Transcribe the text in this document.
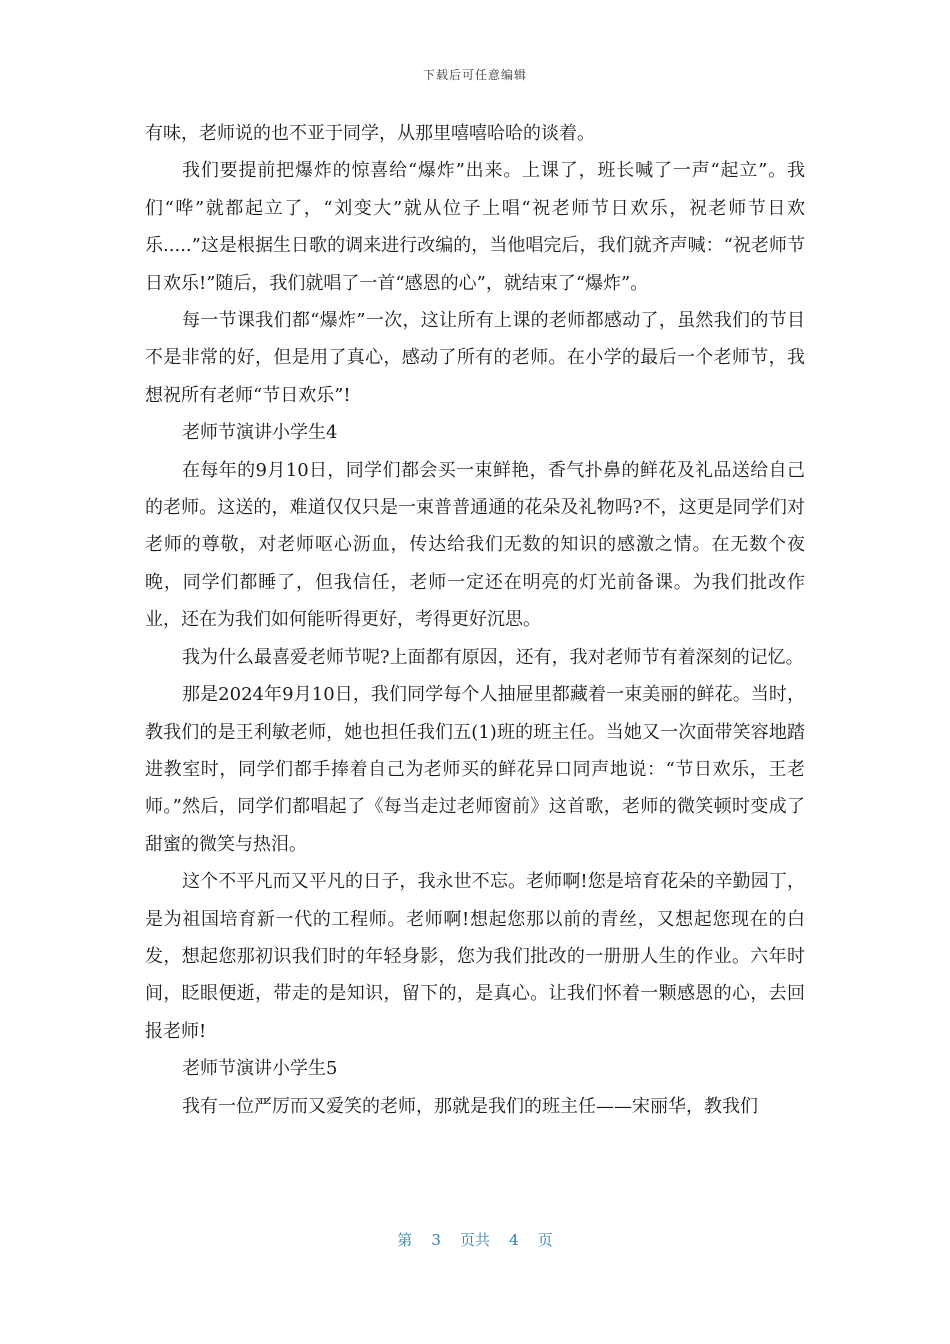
下载后可任意编辑

有味，老师说的也不亚于同学，从那里嘻嘻哈哈的谈着。

我们要提前把爆炸的惊喜给“爆炸”出来。上课了，班长喊了一声“起立”。我们“哗”就都起立了，“刘变大”就从位子上唱“祝老师节日欢乐，祝老师节日欢乐.....”这是根据生日歌的调来进行改编的，当他唱完后，我们就齐声喊：“祝老师节日欢乐!”随后，我们就唱了一首“感恩的心”，就结束了“爆炸”。

每一节课我们都“爆炸”一次，这让所有上课的老师都感动了，虽然我们的节目不是非常的好，但是用了真心，感动了所有的老师。在小学的最后一个老师节，我想祝所有老师“节日欢乐”!

老师节演讲小学生4

在每年的9月10日，同学们都会买一束鲜艳，香气扑鼻的鲜花及礼品送给自己的老师。这送的，难道仅仅只是一束普普通通的花朵及礼物吗?不，这更是同学们对老师的尊敬，对老师呕心沥血，传达给我们无数的知识的感激之情。在无数个夜晚，同学们都睡了，但我信任，老师一定还在明亮的灯光前备课。为我们批改作业，还在为我们如何能听得更好，考得更好沉思。

我为什么最喜爱老师节呢?上面都有原因，还有，我对老师节有着深刻的记忆。

那是2024年9月10日，我们同学每个人抽屉里都藏着一束美丽的鲜花。当时，教我们的是王利敏老师，她也担任我们五(1)班的班主任。当她又一次面带笑容地踏进教室时，同学们都手捧着自己为老师买的鲜花异口同声地说：“节日欢乐，王老师。”然后，同学们都唱起了《每当走过老师窗前》这首歌，老师的微笑顿时变成了甜蜜的微笑与热泪。

这个不平凡而又平凡的日子，我永世不忘。老师啊!您是培育花朵的辛勤园丁，是为祖国培育新一代的工程师。老师啊!想起您那以前的青丝，又想起您现在的白发，想起您那初识我们时的年轻身影，您为我们批改的一册册人生的作业。六年时间，眨眼便逝，带走的是知识，留下的，是真心。让我们怀着一颗感恩的心，去回报老师!

老师节演讲小学生5

我有一位严厉而又爱笑的老师，那就是我们的班主任——宋丽华，教我们

第 3 页共 4 页
